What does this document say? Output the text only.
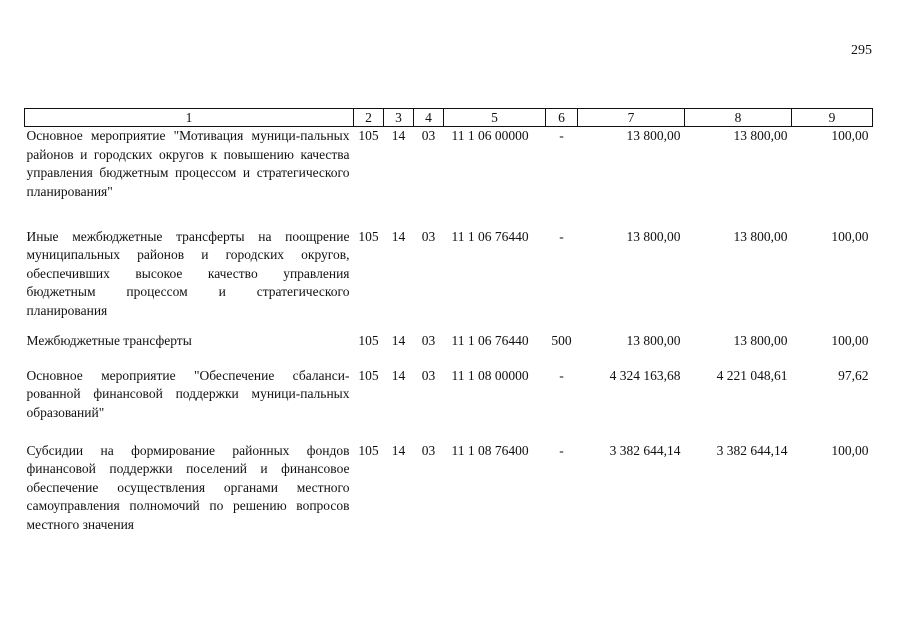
295
1	2	3	4	5	6	7	8	9
Основное мероприятие "Мотивация муници-пальных районов и городских округов к повышению качества управления бюджетным процессом и стратегического планирования"	105	14	03	11 1 06 00000	-	13 800,00	13 800,00	100,00
Иные межбюджетные трансферты на поощрение муниципальных районов и городских округов, обеспечивших высокое качество управления бюджетным процессом и стратегического планирования	105	14	03	11 1 06 76440	-	13 800,00	13 800,00	100,00
Межбюджетные трансферты	105	14	03	11 1 06 76440	500	13 800,00	13 800,00	100,00
Основное мероприятие "Обеспечение сбаланси-рованной финансовой поддержки муници-пальных образований"	105	14	03	11 1 08 00000	-	4 324 163,68	4 221 048,61	97,62
Субсидии на формирование районных фондов финансовой поддержки поселений и финансовое обеспечение осуществления органами местного самоуправления полномочий по решению вопросов местного значения	105	14	03	11 1 08 76400	-	3 382 644,14	3 382 644,14	100,00
